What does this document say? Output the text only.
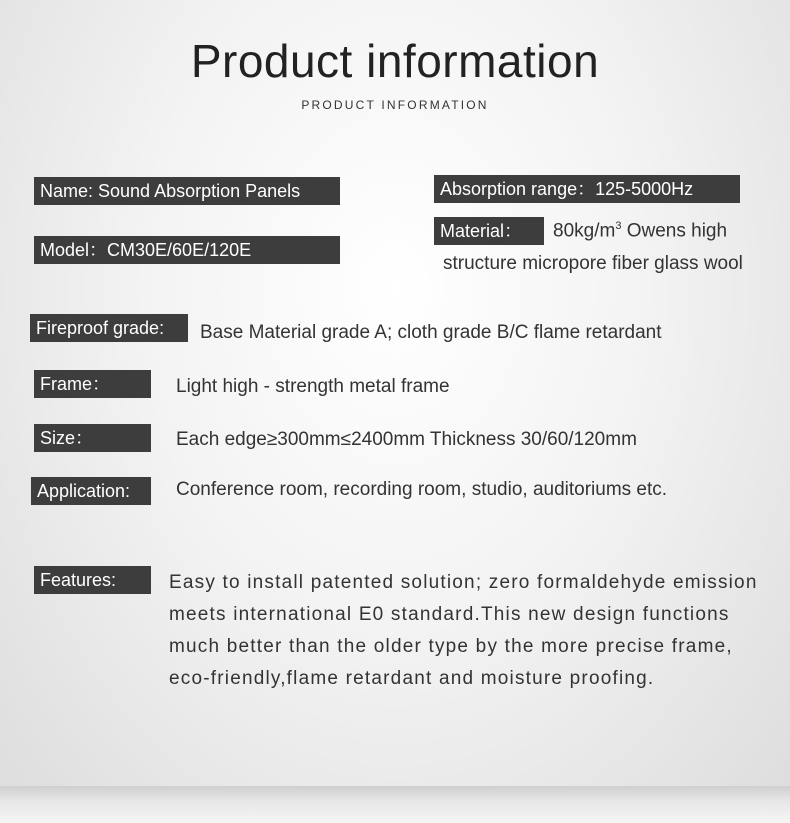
Product information
PRODUCT INFORMATION
Name: Sound Absorption Panels
Model：CM30E/60E/120E
Absorption range：125-5000Hz
Material：	$80kg/m^3$ Owens high
structure micropore fiber glass wool
Fireproof grade:	Base Material grade A; cloth grade B/C flame retardant
Frame：	Light high - strength metal frame
Size：	Each edge≥300mm≤2400mm Thickness 30/60/120mm
Application:	Conference room, recording room, studio, auditoriums etc.
Features:	Easy to install patented solution; zero formaldehyde emission meets international E0 standard.This new design functions much better than the older type by the more precise frame, eco-friendly,flame retardant and moisture proofing.
